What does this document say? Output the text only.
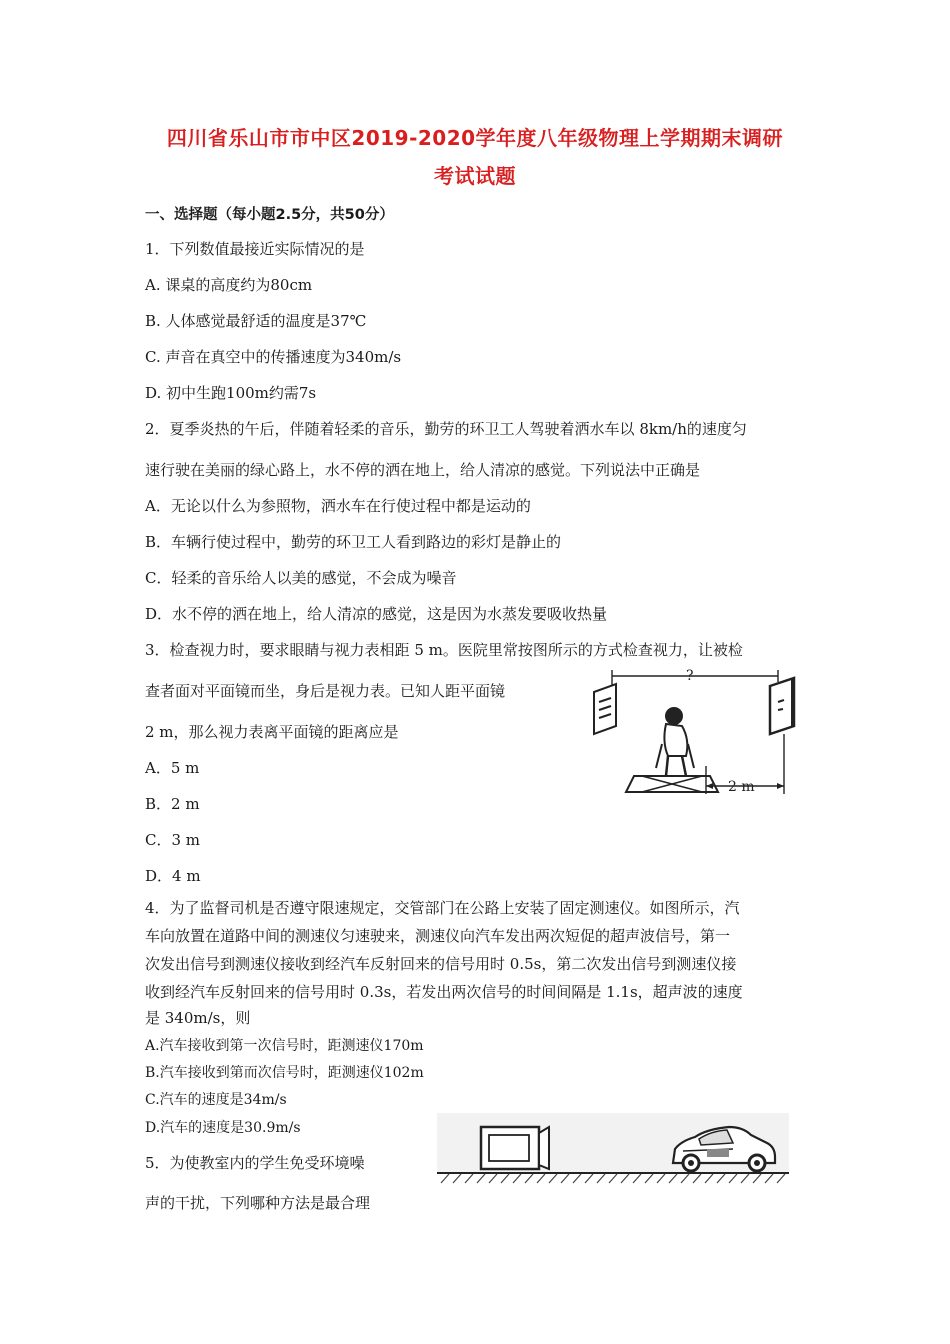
四川省乐山市市中区2019-2020学年度八年级物理上学期期末调研
考试试题
一、选择题（每小题2.5分，共50分）
1．下列数值最接近实际情况的是
A. 课桌的高度约为80cm
B. 人体感觉最舒适的温度是37℃
C. 声音在真空中的传播速度为340m/s
D. 初中生跑100m约需7s
2．夏季炎热的午后，伴随着轻柔的音乐，勤劳的环卫工人驾驶着洒水车以 8km/h的速度匀
速行驶在美丽的绿心路上，水不停的洒在地上，给人清凉的感觉。下列说法中正确是
A．无论以什么为参照物，洒水车在行使过程中都是运动的
B．车辆行使过程中，勤劳的环卫工人看到路边的彩灯是静止的
C．轻柔的音乐给人以美的感觉，不会成为噪音
D．水不停的洒在地上，给人清凉的感觉，这是因为水蒸发要吸收热量
3．检查视力时，要求眼睛与视力表相距 5 m。医院里常按图所示的方式检查视力，让被检
查者面对平面镜而坐，身后是视力表。已知人距平面镜
2 m，那么视力表离平面镜的距离应是
A．5 m
B．2 m
C．3 m
D．4 m
?
2 m
4．为了监督司机是否遵守限速规定，交管部门在公路上安装了固定测速仪。如图所示，汽
车向放置在道路中间的测速仪匀速驶来，测速仪向汽车发出两次短促的超声波信号，第一
次发出信号到测速仪接收到经汽车反射回来的信号用时 0.5s，第二次发出信号到测速仪接
收到经汽车反射回来的信号用时 0.3s，若发出两次信号的时间间隔是 1.1s，超声波的速度
是 340m/s，则
A.汽车接收到第一次信号时，距测速仪170m
B.汽车接收到第而次信号时，距测速仪102m
C.汽车的速度是34m/s
D.汽车的速度是30.9m/s
5．为使教室内的学生免受环境噪
声的干扰，下列哪种方法是最合理
